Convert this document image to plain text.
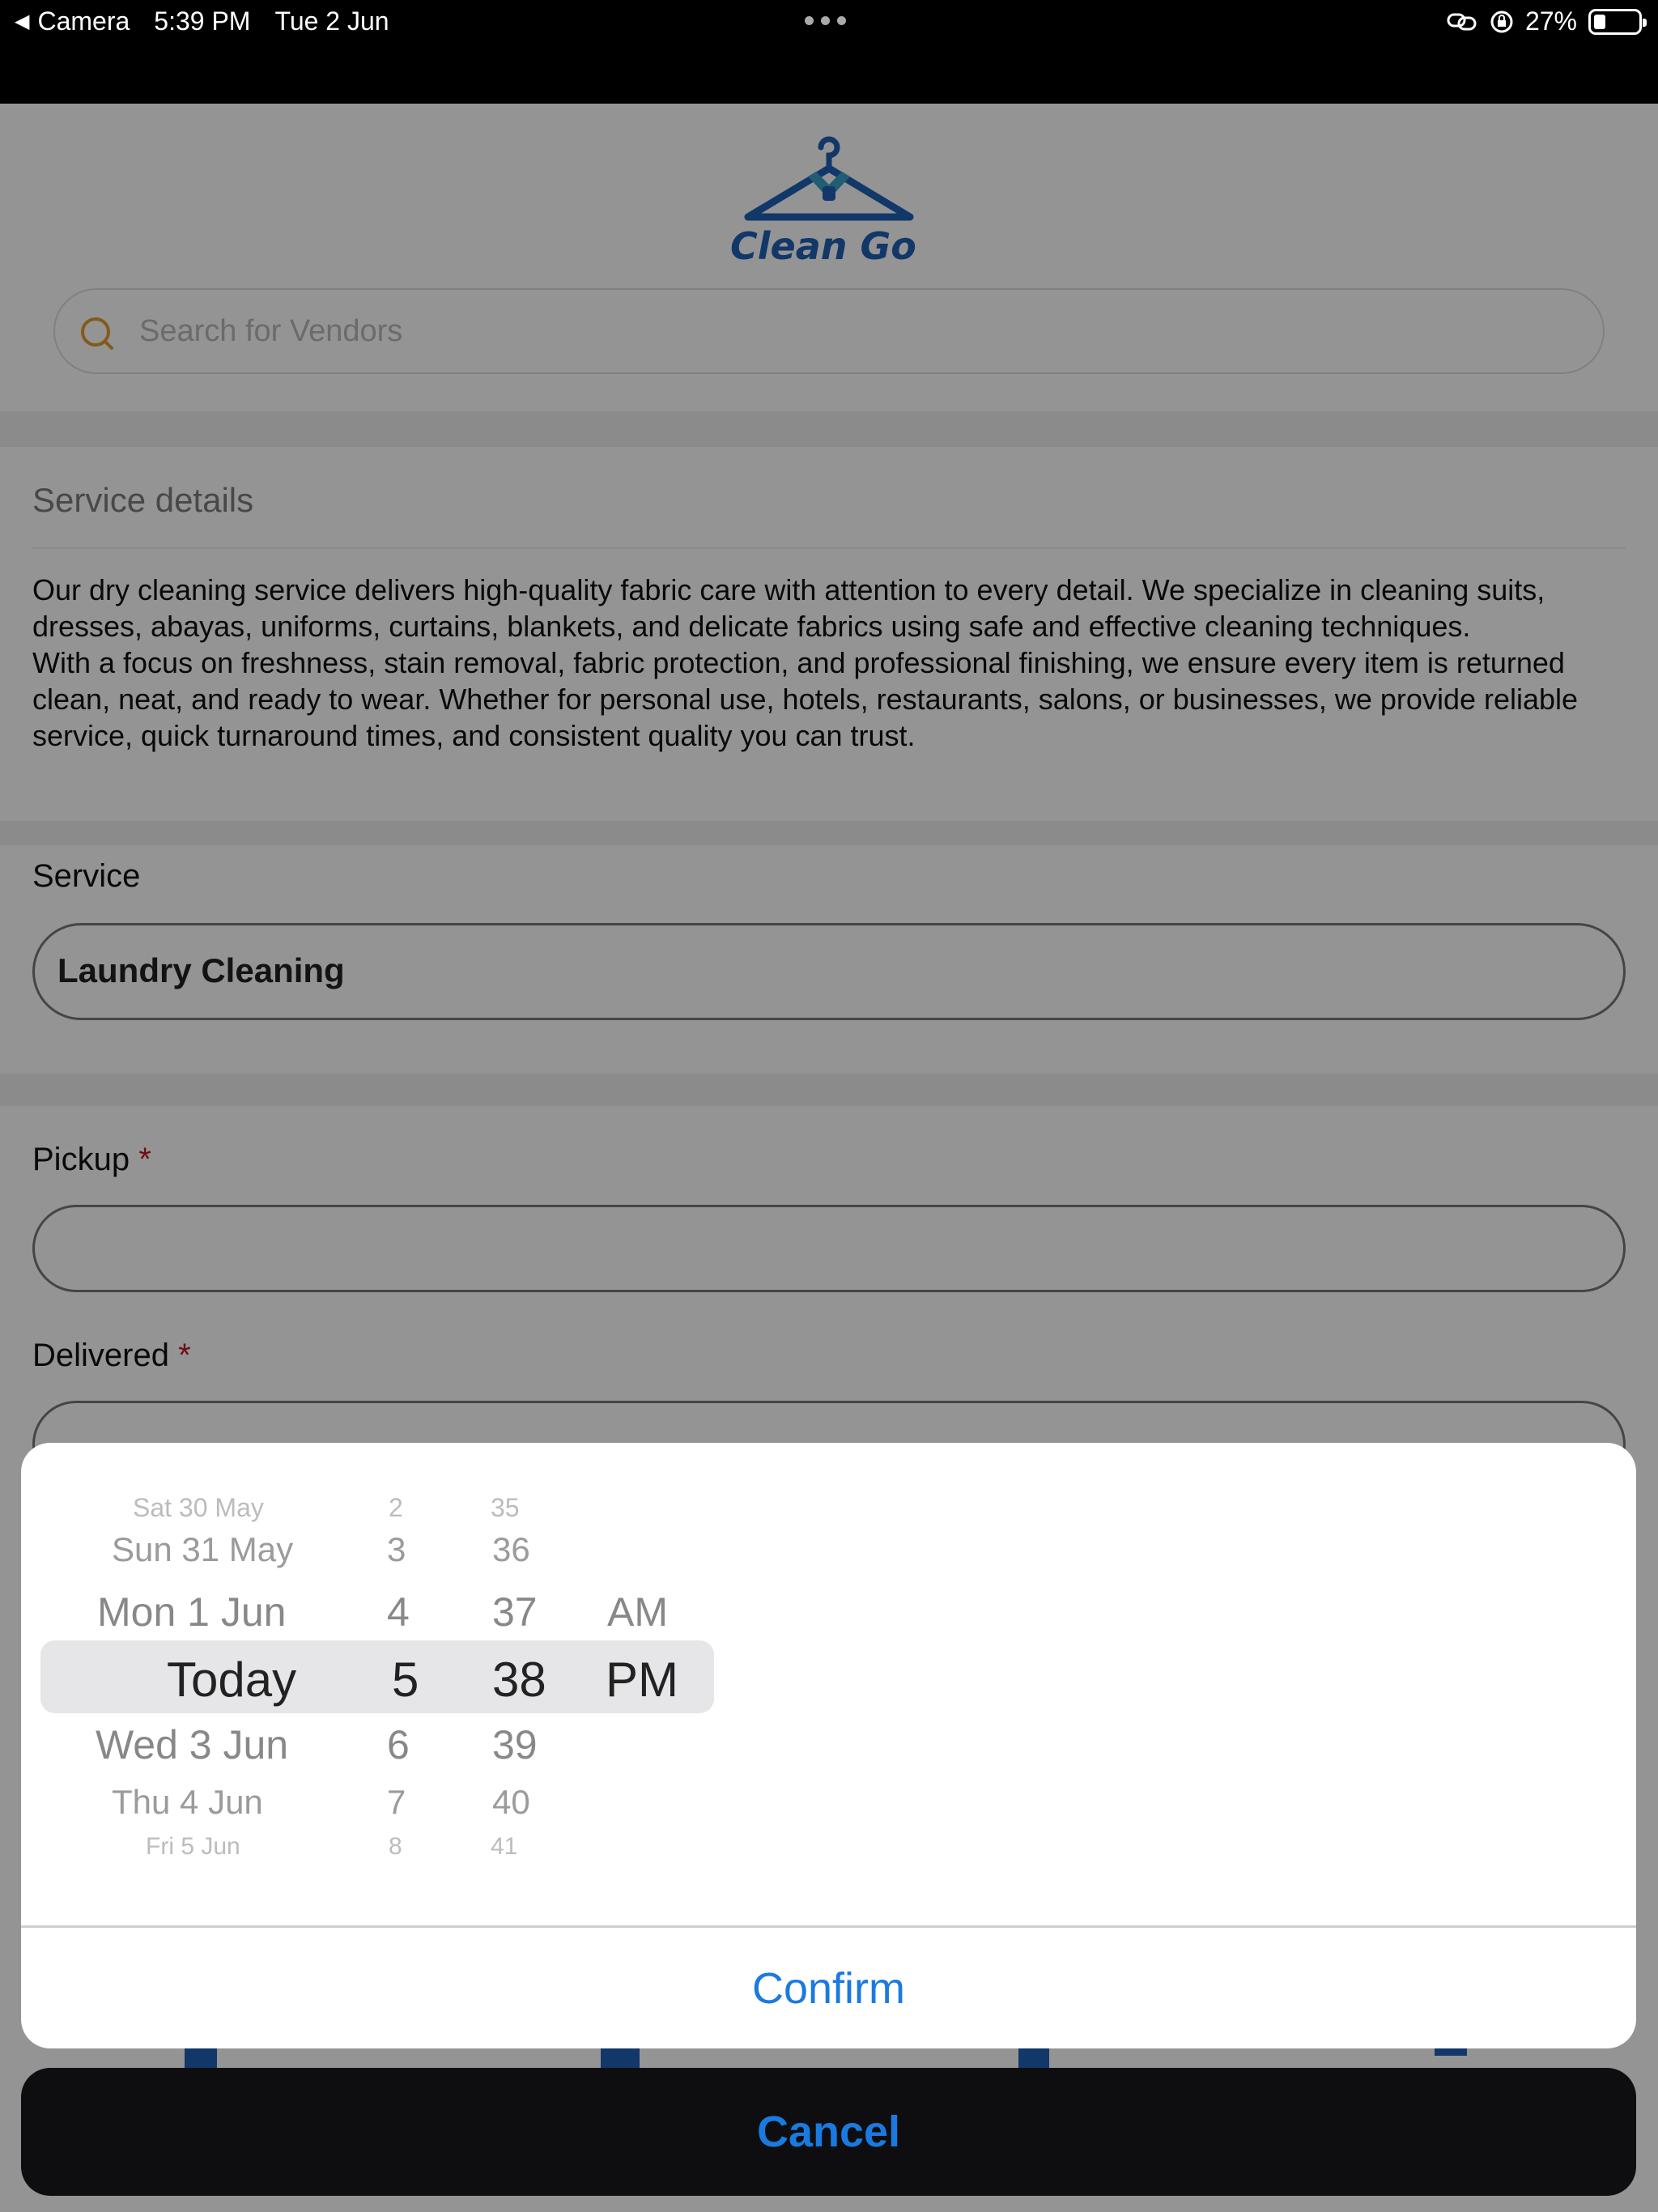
◀ Camera 5:39 PM Tue 2 Jun	27%
Clean Go
Search for Vendors
Service details
Our dry cleaning service delivers high-quality fabric care with attention to every detail. We specialize in cleaning suits, dresses, abayas, uniforms, curtains, blankets, and delicate fabrics using safe and effective cleaning techniques.
With a focus on freshness, stain removal, fabric protection, and professional finishing, we ensure every item is returned clean, neat, and ready to wear. Whether for personal use, hotels, restaurants, salons, or businesses, we provide reliable service, quick turnaround times, and consistent quality you can trust.
Service
Laundry Cleaning
Pickup *
Delivered *
Sat 30 May
Sun 31 May
Mon 1 Jun
Today
Wed 3 Jun
Thu 4 Jun
Fri 5 Jun
2
3
4
5
6
7
8
35
36
37
38
39
40
41
AM
PM
Confirm
Cancel
